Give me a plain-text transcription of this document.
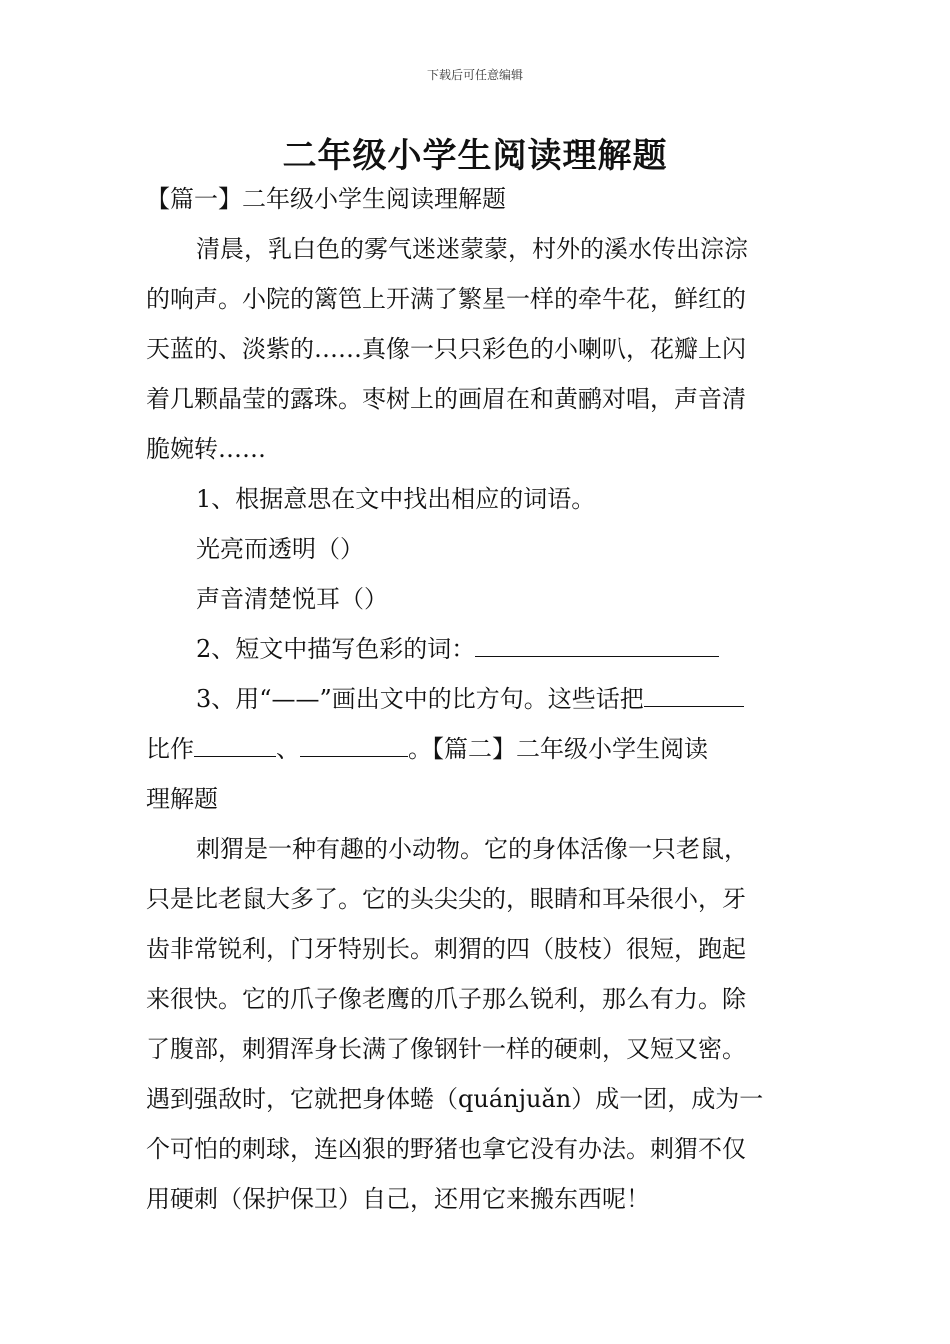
下载后可任意编辑
二年级小学生阅读理解题
【篇一】二年级小学生阅读理解题
清晨，乳白色的雾气迷迷蒙蒙，村外的溪水传出淙淙
的响声。小院的篱笆上开满了繁星一样的牵牛花，鲜红的
天蓝的、淡紫的……真像一只只彩色的小喇叭，花瓣上闪
着几颗晶莹的露珠。枣树上的画眉在和黄鹂对唱，声音清
脆婉转……
1、根据意思在文中找出相应的词语。
光亮而透明（）
声音清楚悦耳（）
2、短文中描写色彩的词：
3、用“——”画出文中的比方句。这些话把
比作	、	。【篇二】二年级小学生阅读
理解题
刺猬是一种有趣的小动物。它的身体活像一只老鼠，
只是比老鼠大多了。它的头尖尖的，眼睛和耳朵很小，牙
齿非常锐利，门牙特别长。刺猬的四（肢枝）很短，跑起
来很快。它的爪子像老鹰的爪子那么锐利，那么有力。除
了腹部，刺猬浑身长满了像钢针一样的硬刺，又短又密。
遇到强敌时，它就把身体蜷（quánjuǎn）成一团，成为一
个可怕的刺球，连凶狠的野猪也拿它没有办法。刺猬不仅
用硬刺（保护保卫）自己，还用它来搬东西呢！
